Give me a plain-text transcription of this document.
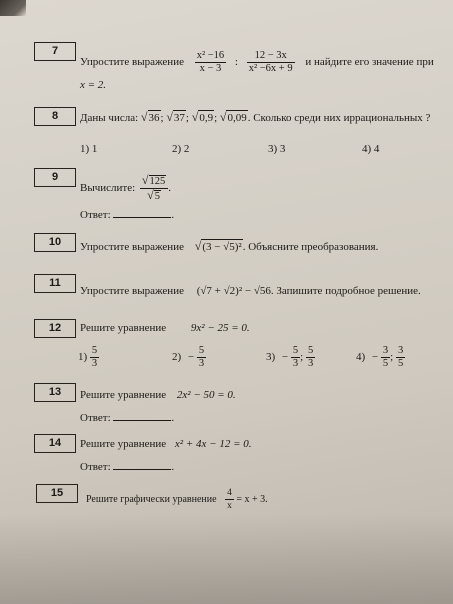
7
Упростите выражение $\frac{\text{x² −16}}{x - 3}$ : $\frac{12 - 3x}{\text{x² −6x + 9}}$ и найдите его значение при
x = 2.
8	Даны числа: √36; √37; √0,9; √0,09. Сколько среди них иррациональных ?
1) 1	2) 2	3) 3	4) 4
9
Вычислите: $\frac{√125}{√5}$ .
Ответ:	.
10	Упростите выражение √(3 − √5)². Объясните преобразования.
11
Упростите выражение (√7 + √2)² − √56. Запишите подробное решение.
12	Решите уравнение 9x² − 25 = 0.
$1) \frac{5}{3}$	$2) - \frac{5}{3}$	$3) - \frac{5}{3}$ ; $\frac{5}{3}$	$4) - \frac{3}{5}$ ; $\frac{3}{5}$
13	Решите уравнение 2x² − 50 = 0.
Ответ:	.
14	Решите уравнение x² + 4x − 12 = 0.
Ответ:	.
15
Решите графически уравнение $\frac{4}{x} = x + 3$.
